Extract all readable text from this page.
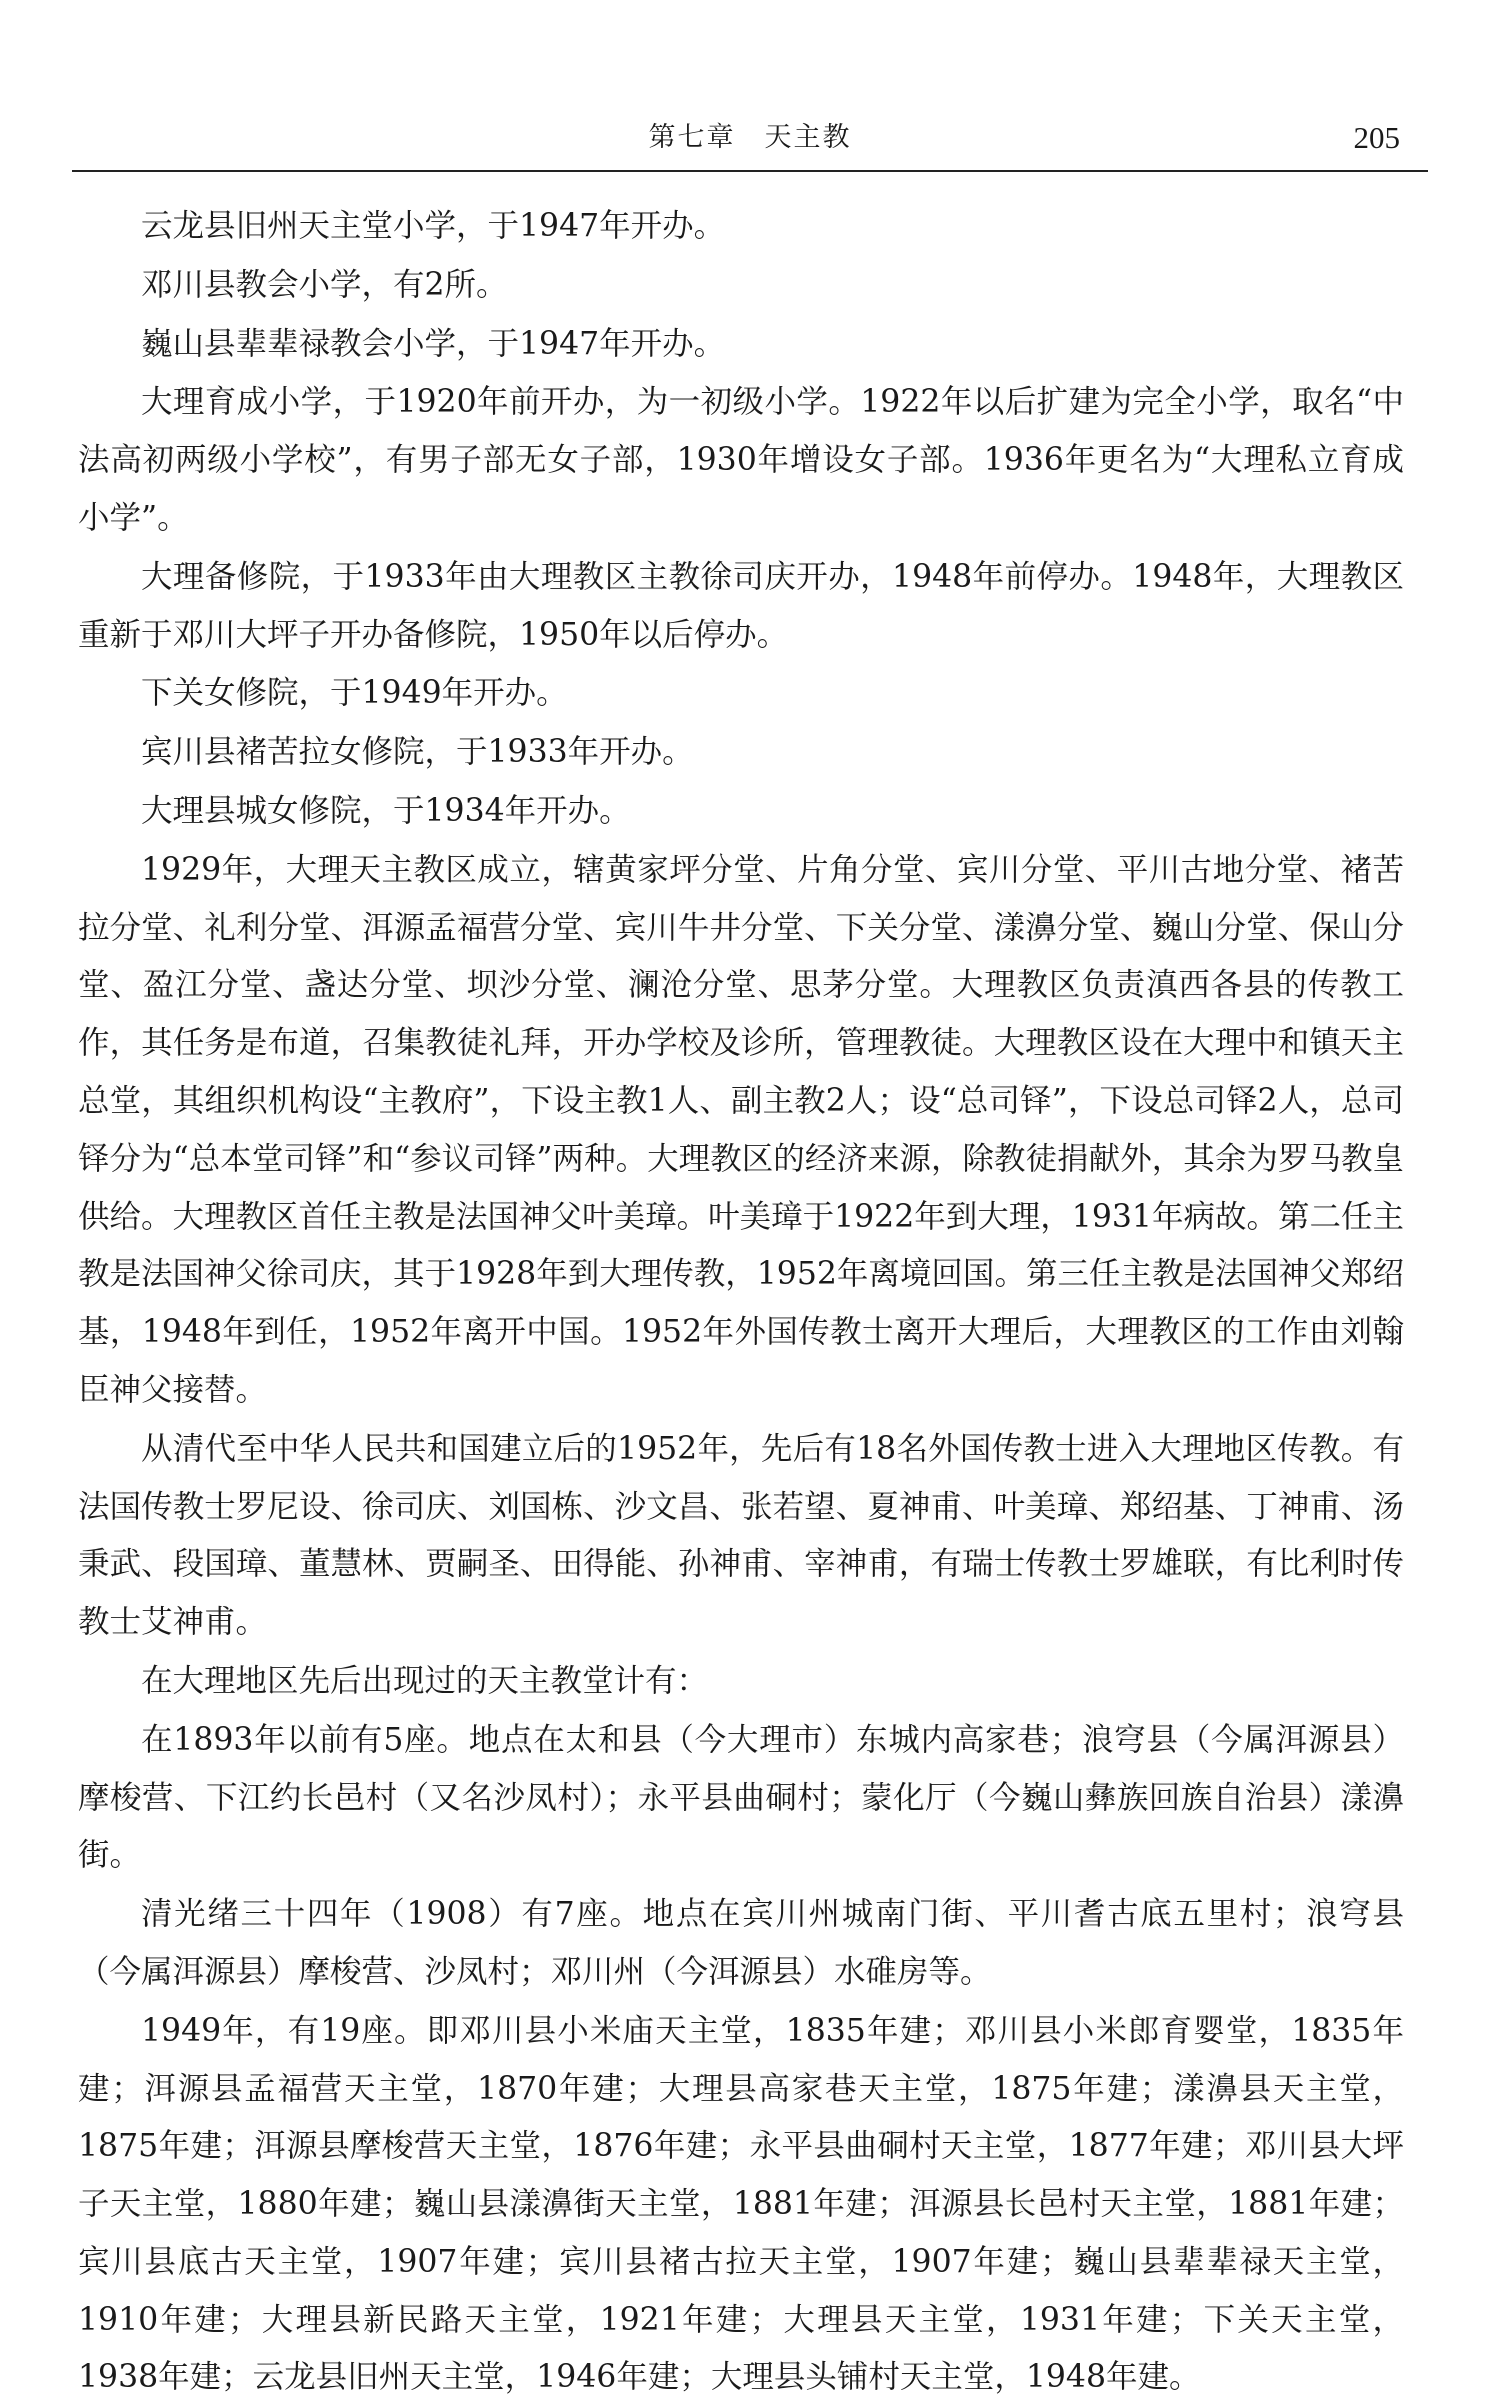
第七章　天主教	205

云龙县旧州天主堂小学，于1947年开办。

邓川县教会小学，有2所。

巍山县辈辈禄教会小学，于1947年开办。

大理育成小学，于1920年前开办，为一初级小学。1922年以后扩建为完全小学，取名“中法高初两级小学校”，有男子部无女子部，1930年增设女子部。1936年更名为“大理私立育成小学”。

大理备修院，于1933年由大理教区主教徐司庆开办，1948年前停办。1948年，大理教区重新于邓川大坪子开办备修院，1950年以后停办。

下关女修院，于1949年开办。

宾川县褚苦拉女修院，于1933年开办。

大理县城女修院，于1934年开办。

1929年，大理天主教区成立，辖黄家坪分堂、片角分堂、宾川分堂、平川古地分堂、褚苦拉分堂、礼利分堂、洱源孟福营分堂、宾川牛井分堂、下关分堂、漾濞分堂、巍山分堂、保山分堂、盈江分堂、盏达分堂、坝沙分堂、澜沧分堂、思茅分堂。大理教区负责滇西各县的传教工作，其任务是布道，召集教徒礼拜，开办学校及诊所，管理教徒。大理教区设在大理中和镇天主总堂，其组织机构设“主教府”，下设主教1人、副主教2人；设“总司铎”，下设总司铎2人，总司铎分为“总本堂司铎”和“参议司铎”两种。大理教区的经济来源，除教徒捐献外，其余为罗马教皇供给。大理教区首任主教是法国神父叶美璋。叶美璋于1922年到大理，1931年病故。第二任主教是法国神父徐司庆，其于1928年到大理传教，1952年离境回国。第三任主教是法国神父郑绍基，1948年到任，1952年离开中国。1952年外国传教士离开大理后，大理教区的工作由刘翰臣神父接替。

从清代至中华人民共和国建立后的1952年，先后有18名外国传教士进入大理地区传教。有法国传教士罗尼设、徐司庆、刘国栋、沙文昌、张若望、夏神甫、叶美璋、郑绍基、丁神甫、汤秉武、段国璋、董慧林、贾嗣圣、田得能、孙神甫、宰神甫，有瑞士传教士罗雄联，有比利时传教士艾神甫。

在大理地区先后出现过的天主教堂计有：

在1893年以前有5座。地点在太和县（今大理市）东城内高家巷；浪穹县（今属洱源县）摩梭营、下江约长邑村（又名沙凤村）；永平县曲硐村；蒙化厅（今巍山彝族回族自治县）漾濞街。

清光绪三十四年（1908）有7座。地点在宾川州城南门街、平川耆古底五里村；浪穹县（今属洱源县）摩梭营、沙凤村；邓川州（今洱源县）水碓房等。

1949年，有19座。即邓川县小米庙天主堂，1835年建；邓川县小米郎育婴堂，1835年建；洱源县孟福营天主堂，1870年建；大理县高家巷天主堂，1875年建；漾濞县天主堂，1875年建；洱源县摩梭营天主堂，1876年建；永平县曲硐村天主堂，1877年建；邓川县大坪子天主堂，1880年建；巍山县漾濞街天主堂，1881年建；洱源县长邑村天主堂，1881年建；宾川县底古天主堂，1907年建；宾川县褚古拉天主堂，1907年建；巍山县辈辈禄天主堂，1910年建；大理县新民路天主堂，1921年建；大理县天主堂，1931年建；下关天主堂，1938年建；云龙县旧州天主堂，1946年建；大理县头铺村天主堂，1948年建。
